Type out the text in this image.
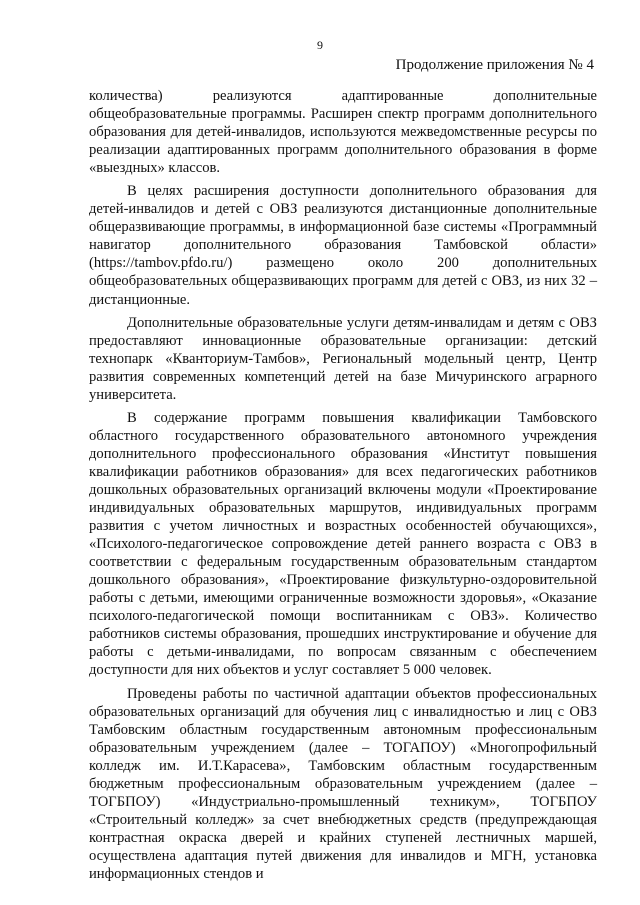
9
Продолжение приложения № 4

количества) реализуются адаптированные дополнительные общеобразовательные программы. Расширен спектр программ дополнительного образования для детей-инвалидов, используются межведомственные ресурсы по реализации адаптированных программ дополнительного образования в форме «выездных» классов.

В целях расширения доступности дополнительного образования для детей-инвалидов и детей с ОВЗ реализуются дистанционные дополнительные общеразвивающие программы, в информационной базе системы «Программный навигатор дополнительного образования Тамбовской области» (https://tambov.pfdo.ru/) размещено около 200 дополнительных общеобразовательных общеразвивающих программ для детей с ОВЗ, из них 32 – дистанционные.

Дополнительные образовательные услуги детям-инвалидам и детям с ОВЗ предоставляют инновационные образовательные организации: детский технопарк «Кванториум-Тамбов», Региональный модельный центр, Центр развития современных компетенций детей на базе Мичуринского аграрного университета.

В содержание программ повышения квалификации Тамбовского областного государственного образовательного автономного учреждения дополнительного профессионального образования «Институт повышения квалификации работников образования» для всех педагогических работников дошкольных образовательных организаций включены модули «Проектирование индивидуальных образовательных маршрутов, индивидуальных программ развития с учетом личностных и возрастных особенностей обучающихся», «Психолого-педагогическое сопровождение детей раннего возраста с ОВЗ в соответствии с федеральным государственным образовательным стандартом дошкольного образования», «Проектирование физкультурно-оздоровительной работы с детьми, имеющими ограниченные возможности здоровья», «Оказание психолого-педагогической помощи воспитанникам с ОВЗ». Количество работников системы образования, прошедших инструктирование и обучение для работы с детьми-инвалидами, по вопросам связанным с обеспечением доступности для них объектов и услуг составляет 5 000 человек.

Проведены работы по частичной адаптации объектов профессиональных образовательных организаций для обучения лиц с инвалидностью и лиц с ОВЗ Тамбовским областным государственным автономным профессиональным образовательным учреждением (далее – ТОГАПОУ) «Многопрофильный колледж им. И.Т.Карасева», Тамбовским областным государственным бюджетным профессиональным образовательным учреждением (далее – ТОГБПОУ) «Индустриально-промышленный техникум», ТОГБПОУ «Строительный колледж» за счет внебюджетных средств (предупреждающая контрастная окраска дверей и крайних ступеней лестничных маршей, осуществлена адаптация путей движения для инвалидов и МГН, установка информационных стендов и
